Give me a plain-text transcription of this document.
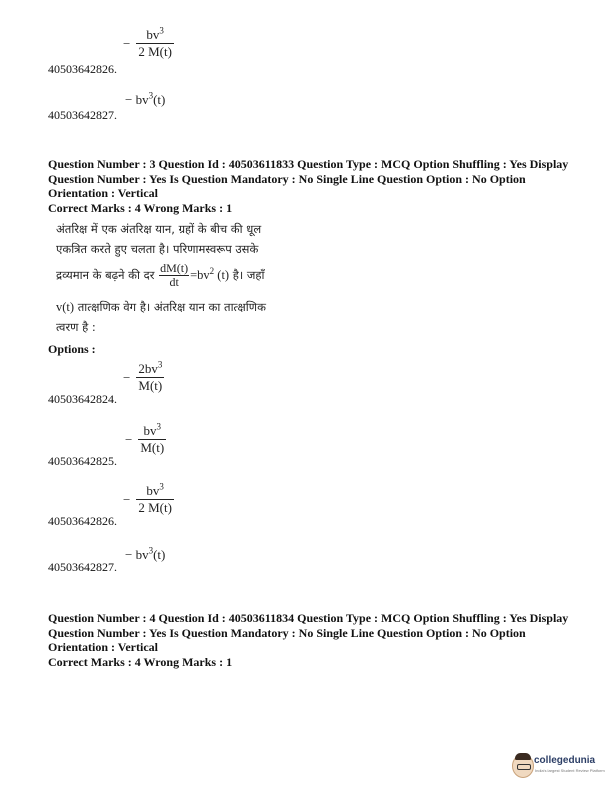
− $\frac{bv^3}{2 M(t)}$
40503642826.
− $bv^3(t)$
40503642827.
Question Number : 3 Question Id : 40503611833 Question Type : MCQ Option Shuffling : Yes Display
Question Number : Yes Is Question Mandatory : No Single Line Question Option : No Option
Orientation : Vertical
Correct Marks : 4 Wrong Marks : 1
अंतरिक्ष में एक अंतरिक्ष यान, ग्रहों के बीच की धूल
एकत्रित करते हुए चलता है। परिणामस्वरूप उसके
द्रव्यमान के बढ़ने की दर $\frac{dM(t)}{dt} =bv^2$ (t) है। जहाँ
v(t) तात्क्षणिक वेग है। अंतरिक्ष यान का तात्क्षणिक
त्वरण है :
Options :
− $\frac{2bv^3}{M(t)}$
40503642824.
− $\frac{bv^3}{M(t)}$
40503642825.
− $\frac{bv^3}{2 M(t)}$
40503642826.
− $bv^3(t)$
40503642827.
Question Number : 4 Question Id : 40503611834 Question Type : MCQ Option Shuffling : Yes Display
Question Number : Yes Is Question Mandatory : No Single Line Question Option : No Option
Orientation : Vertical
Correct Marks : 4 Wrong Marks : 1
collegedunia
India's largest Student Review Platform
